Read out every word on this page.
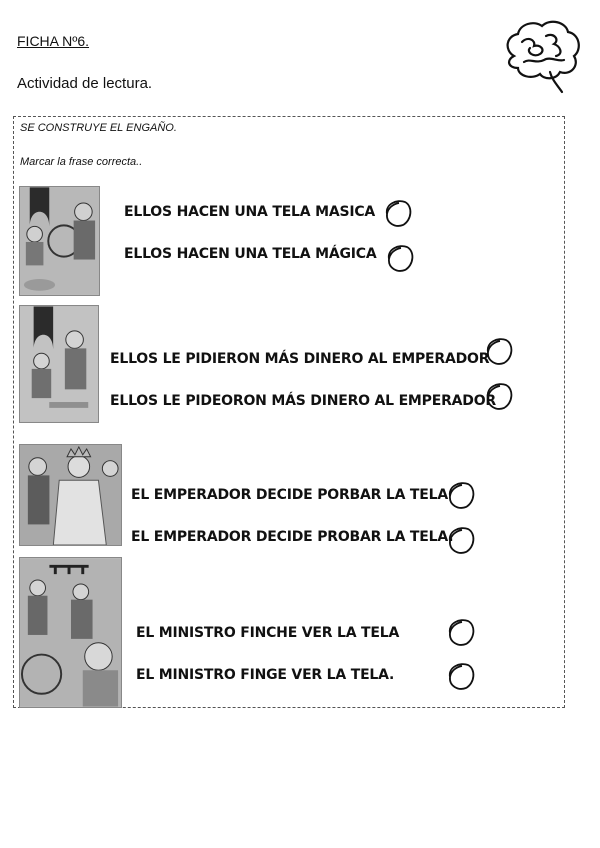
FICHA Nº6.
Actividad de lectura.
SE CONSTRUYE EL ENGAÑO.
Marcar la frase correcta..
ELLOS HACEN UNA TELA MASICA
ELLOS HACEN UNA TELA MÁGICA
ELLOS LE PIDIERON MÁS DINERO AL EMPERADOR
ELLOS LE PIDEORON MÁS DINERO AL EMPERADOR
EL EMPERADOR DECIDE PORBAR LA TELA
EL EMPERADOR DECIDE PROBAR LA TELA.
EL MINISTRO FINCHE VER LA TELA
EL MINISTRO FINGE VER LA TELA.
